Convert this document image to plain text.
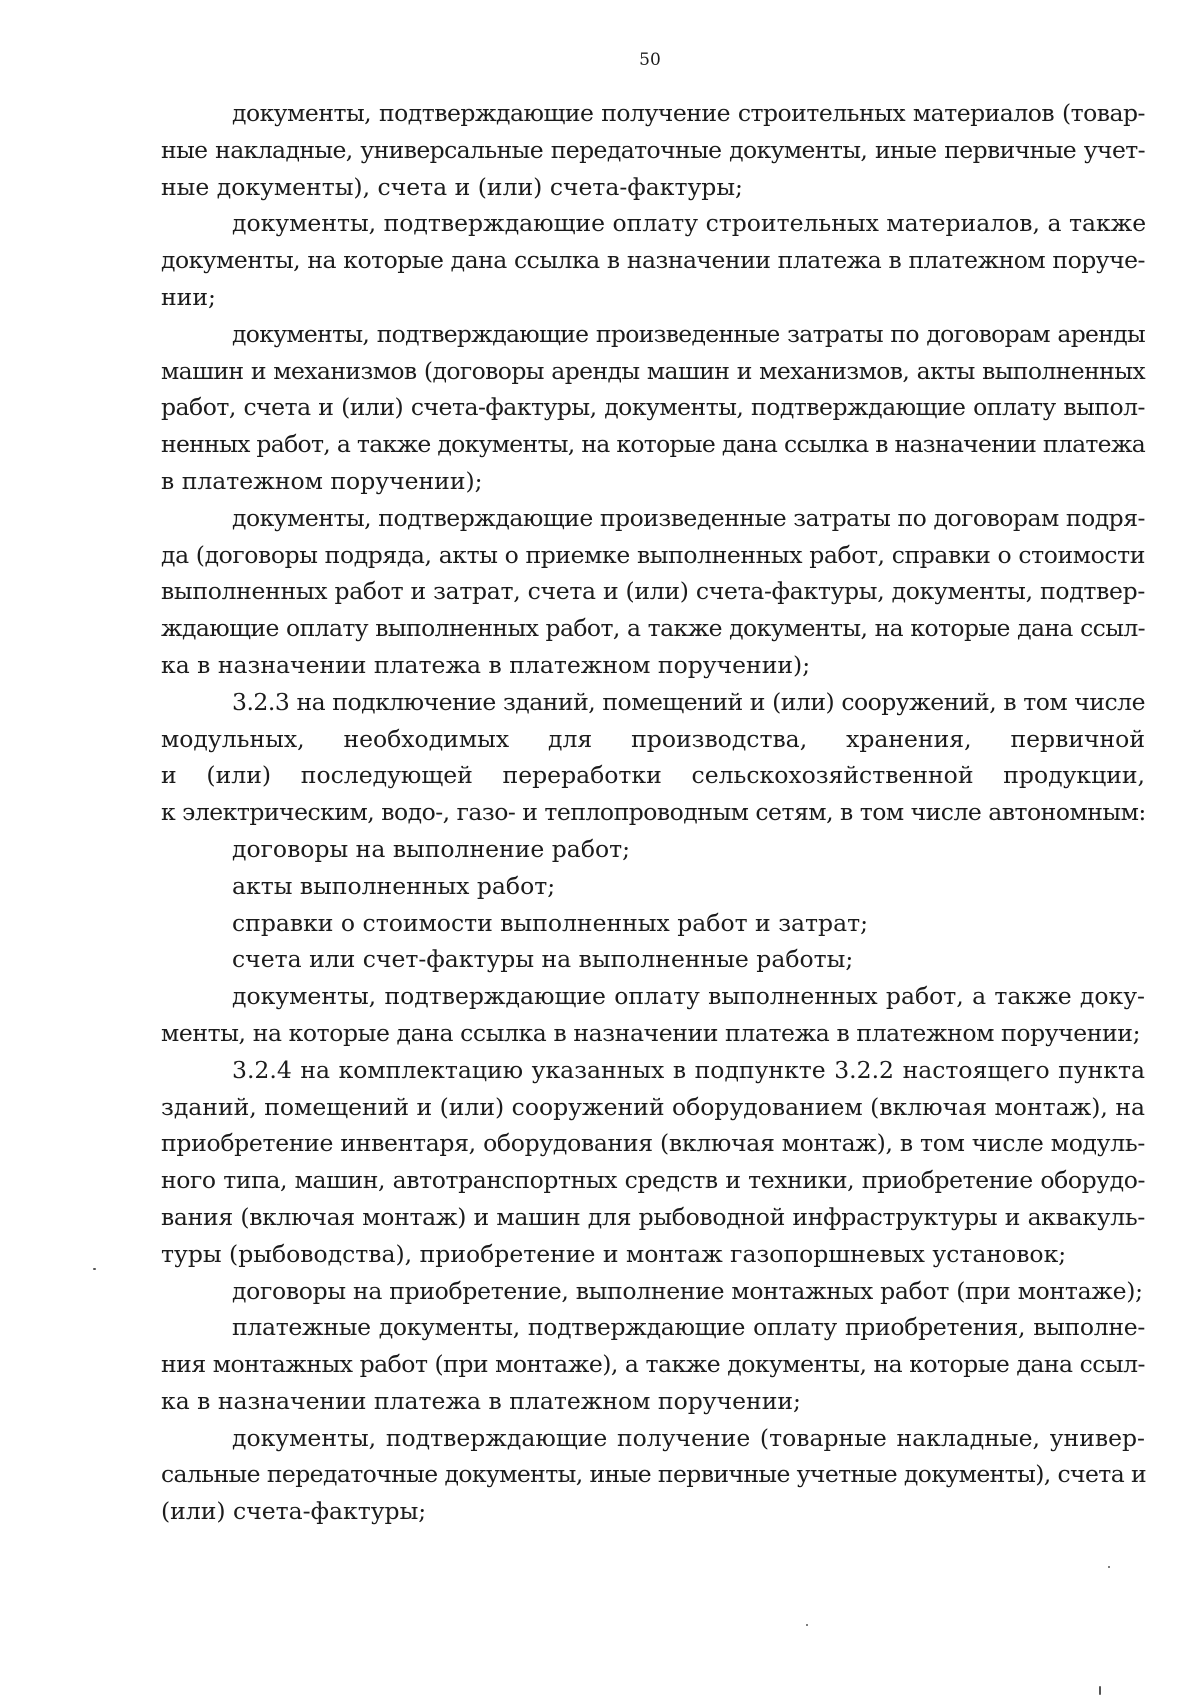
50
документы, подтверждающие получение строительных материалов (товар-
ные накладные, универсальные передаточные документы, иные первичные учет-
ные документы), счета и (или) счета-фактуры;
документы, подтверждающие оплату строительных материалов, а также
документы, на которые дана ссылка в назначении платежа в платежном поруче-
нии;
документы, подтверждающие произведенные затраты по договорам аренды
машин и механизмов (договоры аренды машин и механизмов, акты выполненных
работ, счета и (или) счета-фактуры, документы, подтверждающие оплату выпол-
ненных работ, а также документы, на которые дана ссылка в назначении платежа
в платежном поручении);
документы, подтверждающие произведенные затраты по договорам подря-
да (договоры подряда, акты о приемке выполненных работ, справки о стоимости
выполненных работ и затрат, счета и (или) счета-фактуры, документы, подтвер-
ждающие оплату выполненных работ, а также документы, на которые дана ссыл-
ка в назначении платежа в платежном поручении);
3.2.3 на подключение зданий, помещений и (или) сооружений, в том числе
модульных, необходимых для производства, хранения, первичной
и (или) последующей переработки сельскохозяйственной продукции,
к электрическим, водо-, газо- и теплопроводным сетям, в том числе автономным:
договоры на выполнение работ;
акты выполненных работ;
справки о стоимости выполненных работ и затрат;
счета или счет-фактуры на выполненные работы;
документы, подтверждающие оплату выполненных работ, а также доку-
менты, на которые дана ссылка в назначении платежа в платежном поручении;
3.2.4 на комплектацию указанных в подпункте 3.2.2 настоящего пункта
зданий, помещений и (или) сооружений оборудованием (включая монтаж), на
приобретение инвентаря, оборудования (включая монтаж), в том числе модуль-
ного типа, машин, автотранспортных средств и техники, приобретение оборудо-
вания (включая монтаж) и машин для рыбоводной инфраструктуры и аквакуль-
туры (рыбоводства), приобретение и монтаж газопоршневых установок;
договоры на приобретение, выполнение монтажных работ (при монтаже);
платежные документы, подтверждающие оплату приобретения, выполне-
ния монтажных работ (при монтаже), а также документы, на которые дана ссыл-
ка в назначении платежа в платежном поручении;
документы, подтверждающие получение (товарные накладные, универ-
сальные передаточные документы, иные первичные учетные документы), счета и
(или) счета-фактуры;
